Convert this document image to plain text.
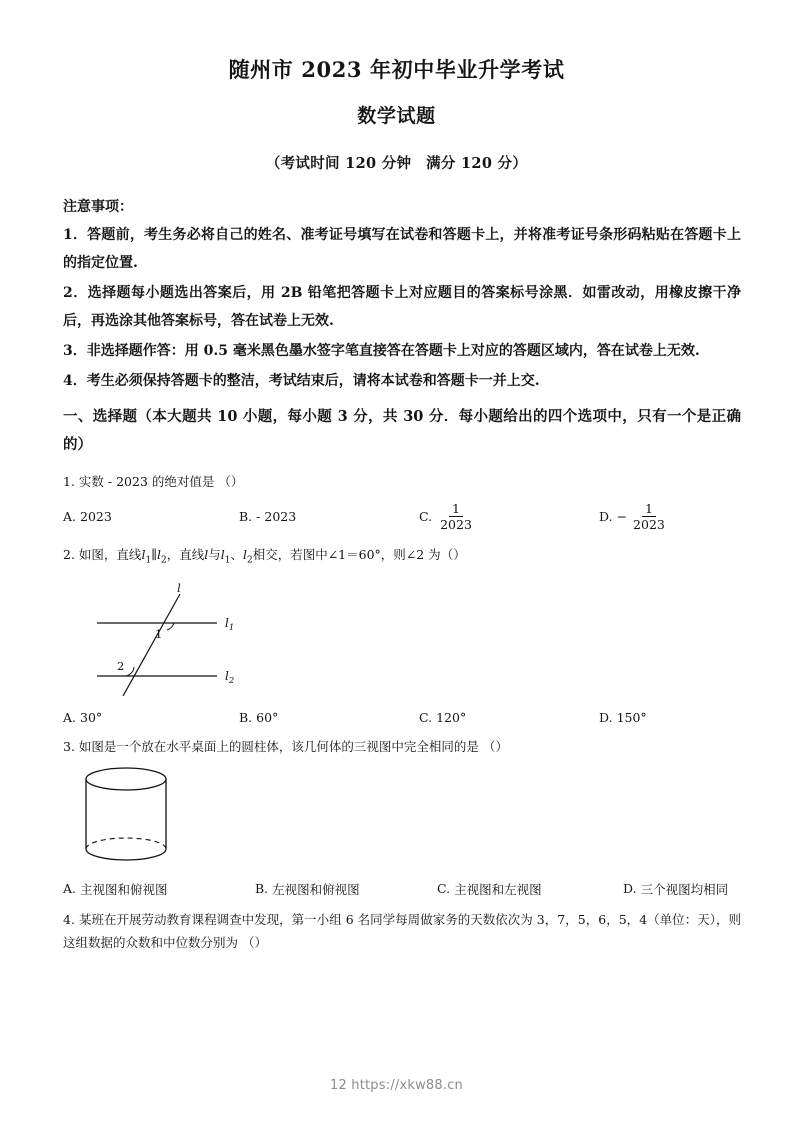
随州市 2023 年初中毕业升学考试
数学试题
（考试时间 120 分钟　满分 120 分）
注意事项：
1．答题前，考生务必将自己的姓名、准考证号填写在试卷和答题卡上，并将准考证号条形码粘贴在答题卡上的指定位置.
2．选择题每小题选出答案后，用 2B 铅笔把答题卡上对应题目的答案标号涂黑．如雷改动，用橡皮擦干净后，再选涂其他答案标号，答在试卷上无效.
3．非选择题作答：用 0.5 毫米黑色墨水签字笔直接答在答题卡上对应的答题区域内，答在试卷上无效.
4．考生必须保持答题卡的整洁，考试结束后，请将本试卷和答题卡一并上交.
一、选择题（本大题共 10 小题，每小题 3 分，共 30 分．每小题给出的四个选项中，只有一个是正确的）
1. 实数 - 2023 的绝对值是 （ ）
A. 2023	B. - 2023	C. $\frac{1}{2023}$	D. − $\frac{1}{2023}$
2. 如图，直线$l_1\parallel l_2$，直线l与$l_1$、$l_2$相交，若图中∠1＝60°，则∠2 为（ ）
l
$l_1$
$l_2$
1
2
A. 30°	B. 60°	C. 120°	D. 150°
3. 如图是一个放在水平桌面上的圆柱体，该几何体的三视图中完全相同的是 （ ）
A. 主视图和俯视图	B. 左视图和俯视图	C. 主视图和左视图	D. 三个视图均相同
4. 某班在开展劳动教育课程调查中发现，第一小组 6 名同学每周做家务的天数依次为 3，7，5，6，5，4（单位：天），则这组数据的众数和中位数分别为 （ ）
12 https://xkw88.cn
